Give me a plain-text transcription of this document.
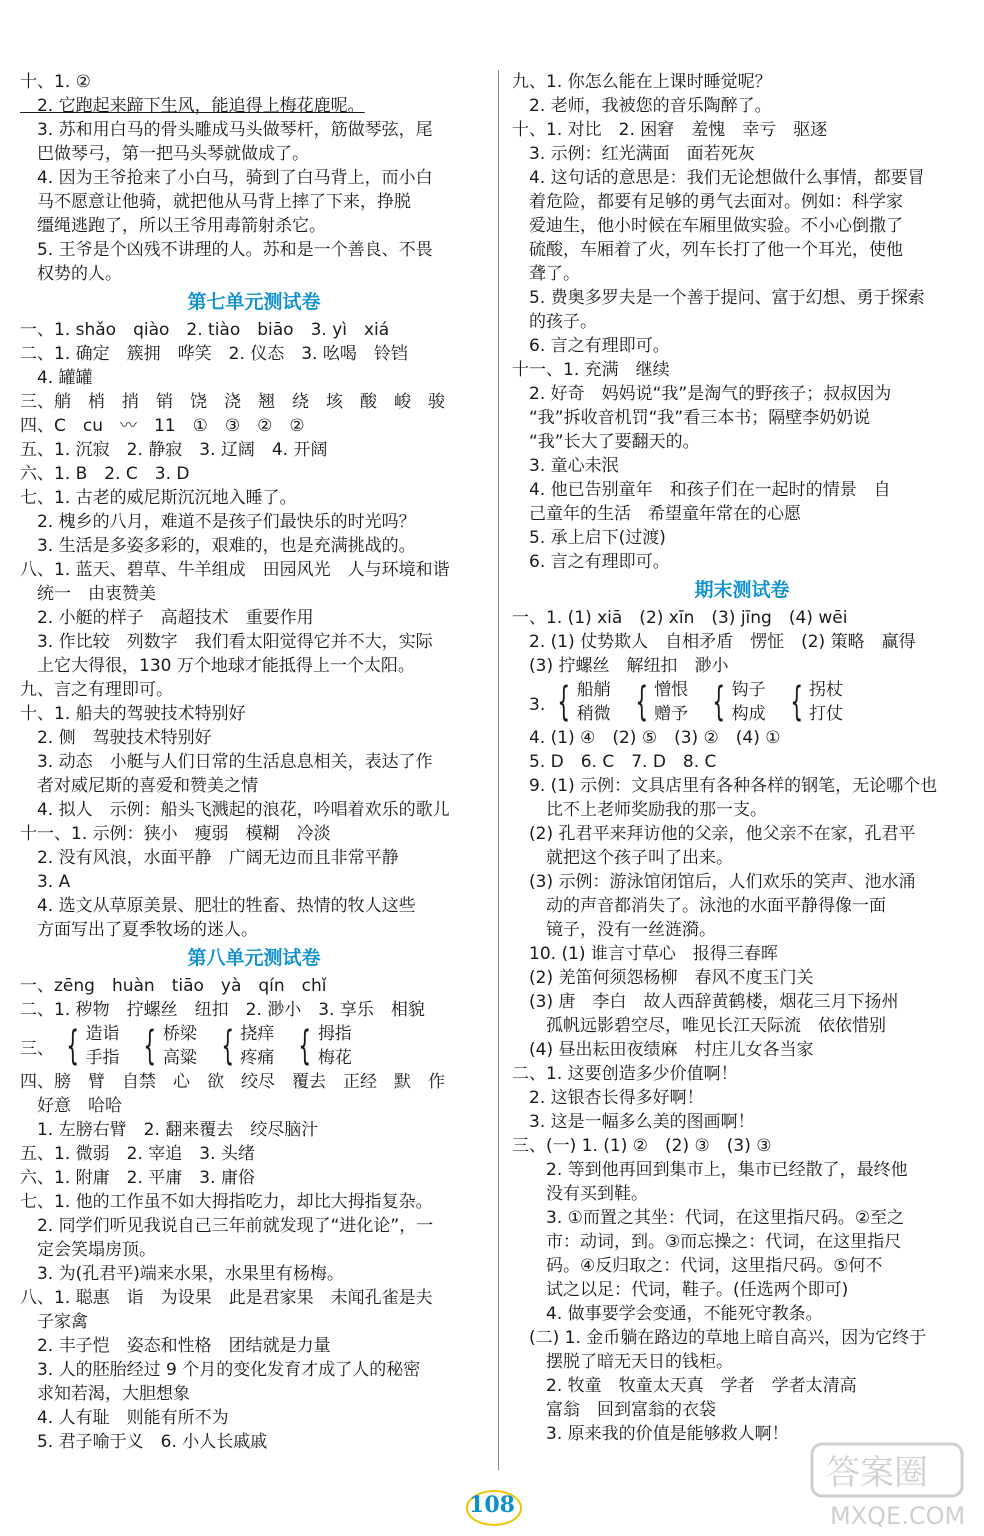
十、1. ②
　2. 它跑起来蹄下生风，能追得上梅花鹿呢。
　3. 苏和用白马的骨头雕成马头做琴杆，筋做琴弦，尾
　巴做琴弓，第一把马头琴就做成了。
　4. 因为王爷抢来了小白马，骑到了白马背上，而小白
　马不愿意让他骑，就把他从马背上摔了下来，挣脱
　缰绳逃跑了，所以王爷用毒箭射杀它。
　5. 王爷是个凶残不讲理的人。苏和是一个善良、不畏
　权势的人。
第七单元测试卷
一、1. shǎo　qiào　2. tiào　biāo　3. yì　xiá
二、1. 确定　簇拥　哗笑　2. 仪态　3. 吆喝　铃铛
　4. 罐罐
三、艄　梢　捎　销　饶　浇　翘　绕　垓　酸　峻　骏
四、C　cu　〰　11　①　③　②　②
五、1. 沉寂　2. 静寂　3. 辽阔　4. 开阔
六、1. B　2. C　3. D
七、1. 古老的威尼斯沉沉地入睡了。
　2. 槐乡的八月，难道不是孩子们最快乐的时光吗？
　3. 生活是多姿多彩的，艰难的，也是充满挑战的。
八、1. 蓝天、碧草、牛羊组成　田园风光　人与环境和谐
　统一　由衷赞美
　2. 小艇的样子　高超技术　重要作用
　3. 作比较　列数字　我们看太阳觉得它并不大，实际
　上它大得很，130 万个地球才能抵得上一个太阳。
九、言之有理即可。
十、1. 船夫的驾驶技术特别好
　2. 侧　驾驶技术特别好
　3. 动态　小艇与人们日常的生活息息相关，表达了作
　者对威尼斯的喜爱和赞美之情
　4. 拟人　示例：船头飞溅起的浪花，吟唱着欢乐的歌儿
十一、1. 示例：狭小　瘦弱　模糊　冷淡
　2. 没有风浪，水面平静　广阔无边而且非常平静
　3. A
　4. 选文从草原美景、肥壮的牲畜、热情的牧人这些
　方面写出了夏季牧场的迷人。
第八单元测试卷
一、zēng　huàn　tiāo　yà　qín　chǐ
二、1. 秽物　拧螺丝　纽扣　2. 渺小　3. 享乐　相貌
三、 { 造诣
手指 { 桥梁
高粱 { 挠痒
疼痛 { 拇指
梅花
四、膀　臂　自禁　心　欲　绞尽　覆去　正经　默　作
　好意　哈哈
　1. 左膀右臂　2. 翻来覆去　绞尽脑汁
五、1. 微弱　2. 宰追　3. 头绪
六、1. 附庸　2. 平庸　3. 庸俗
七、1. 他的工作虽不如大拇指吃力，却比大拇指复杂。
　2. 同学们听见我说自己三年前就发现了“进化论”，一
　定会笑塌房顶。
　3. 为(孔君平)端来水果，水果里有杨梅。
八、1. 聪惠　诣　为设果　此是君家果　未闻孔雀是夫
　子家禽
　2. 丰子恺　姿态和性格　团结就是力量
　3. 人的胚胎经过 9 个月的变化发育才成了人的秘密
　求知若渴，大胆想象
　4. 人有耻　则能有所不为
　5. 君子喻于义　6. 小人长戚戚
九、1. 你怎么能在上课时睡觉呢？
　2. 老师，我被您的音乐陶醉了。
十、1. 对比　2. 困窘　羞愧　幸亏　驱逐
　3. 示例：红光满面　面若死灰
　4. 这句话的意思是：我们无论想做什么事情，都要冒
　着危险，都要有足够的勇气去面对。例如：科学家
　爱迪生，他小时候在车厢里做实验。不小心倒撒了
　硫酸，车厢着了火，列车长打了他一个耳光，使他
　聋了。
　5. 费奥多罗夫是一个善于提问、富于幻想、勇于探索
　的孩子。
　6. 言之有理即可。
十一、1. 充满　继续
　2. 好奇　妈妈说“我”是淘气的野孩子；叔叔因为
　“我”拆收音机罚“我”看三本书；隔壁李奶奶说
　“我”长大了要翻天的。
　3. 童心未泯
　4. 他已告别童年　和孩子们在一起时的情景　自
　己童年的生活　希望童年常在的心愿
　5. 承上启下(过渡)
　6. 言之有理即可。
期末测试卷
一、1. (1) xiā　(2) xīn　(3) jīng　(4) wēi
　2. (1) 仗势欺人　自相矛盾　愣怔　(2) 策略　赢得
　(3) 拧螺丝　解纽扣　渺小
　3. { 船艄
稍微 { 憎恨
赠予 { 钩子
构成 { 拐杖
打仗
　4. (1) ④　(2) ⑤　(3) ②　(4) ①
　5. D　6. C　7. D　8. C
　9. (1) 示例：文具店里有各种各样的钢笔，无论哪个也
　　比不上老师奖励我的那一支。
　(2) 孔君平来拜访他的父亲，他父亲不在家，孔君平
　　就把这个孩子叫了出来。
　(3) 示例：游泳馆闭馆后，人们欢乐的笑声、池水涌
　　动的声音都消失了。泳池的水面平静得像一面
　　镜子，没有一丝涟漪。
　10. (1) 谁言寸草心　报得三春晖
　(2) 羌笛何须怨杨柳　春风不度玉门关
　(3) 唐　李白　故人西辞黄鹤楼，烟花三月下扬州
　　孤帆远影碧空尽，唯见长江天际流　依依惜别
　(4) 昼出耘田夜绩麻　村庄儿女各当家
二、1. 这要创造多少价值啊！
　2. 这银杏长得多好啊！
　3. 这是一幅多么美的图画啊！
三、(一) 1. (1) ②　(2) ③　(3) ③
　　2. 等到他再回到集市上，集市已经散了，最终他
　　没有买到鞋。
　　3. ①而置之其坐：代词，在这里指尺码。②至之
　　市：动词，到。③而忘操之：代词，在这里指尺
　　码。④反归取之：代词，这里指尺码。⑤何不
　　试之以足：代词，鞋子。(任选两个即可)
　　4. 做事要学会变通，不能死守教条。
　(二) 1. 金币躺在路边的草地上暗自高兴，因为它终于
　　摆脱了暗无天日的钱柜。
　　2. 牧童　牧童太天真　学者　学者太清高
　　富翁　回到富翁的衣袋
　　3. 原来我的价值是能够救人啊！
108
答案圈
MXQE.COM
